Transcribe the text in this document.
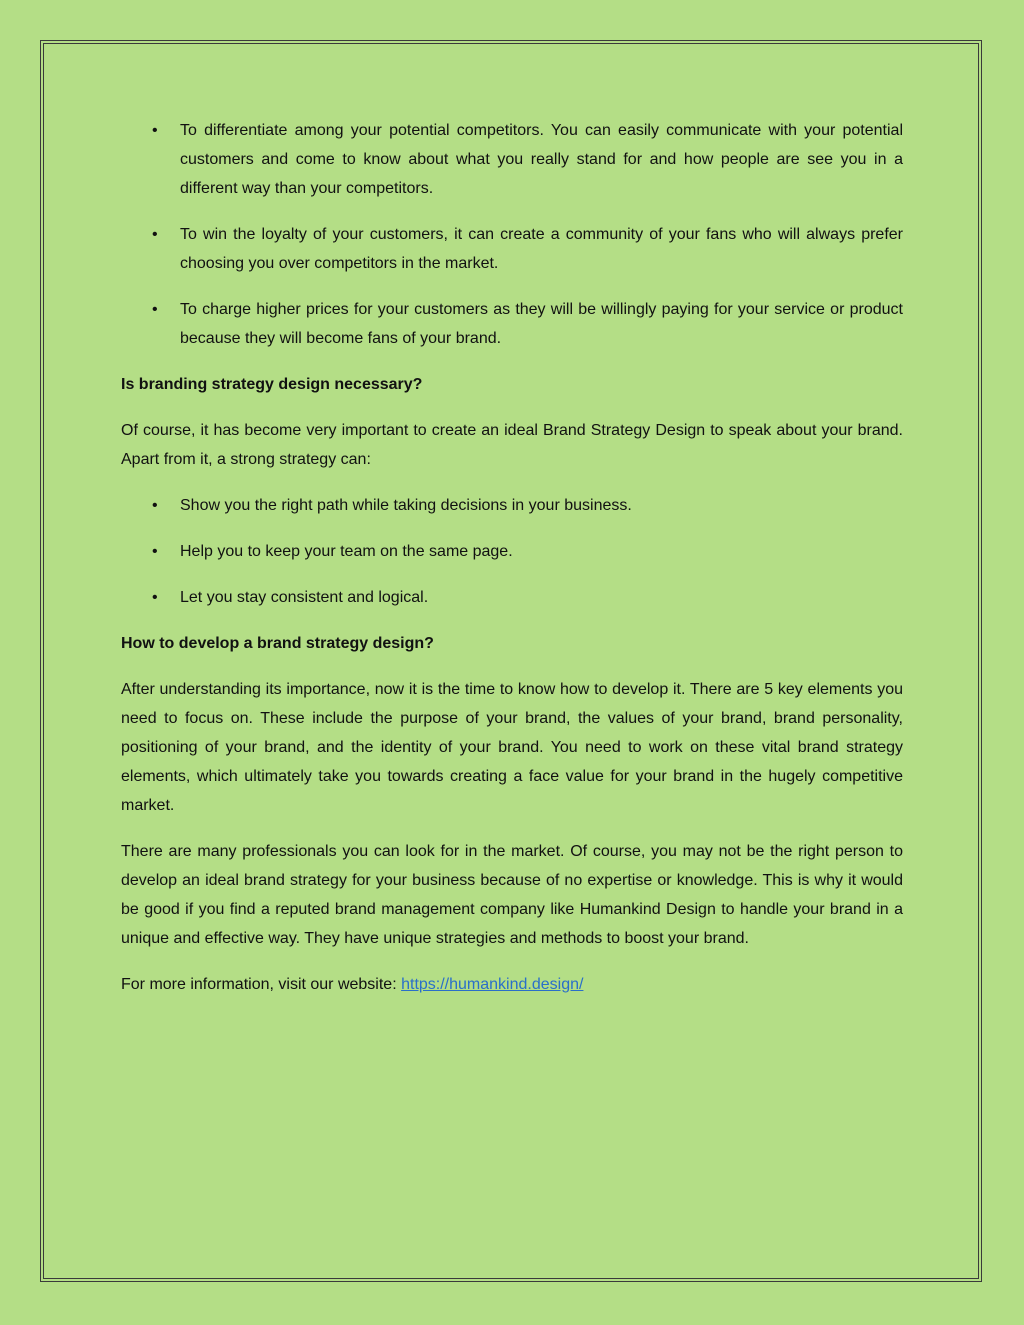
• To differentiate among your potential competitors. You can easily communicate with your potential customers and come to know about what you really stand for and how people are see you in a different way than your competitors.
• To win the loyalty of your customers, it can create a community of your fans who will always prefer choosing you over competitors in the market.
• To charge higher prices for your customers as they will be willingly paying for your service or product because they will become fans of your brand.
Is branding strategy design necessary?

Of course, it has become very important to create an ideal Brand Strategy Design to speak about your brand. Apart from it, a strong strategy can:

• Show you the right path while taking decisions in your business.
• Help you to keep your team on the same page.
• Let you stay consistent and logical.
How to develop a brand strategy design?

After understanding its importance, now it is the time to know how to develop it. There are 5 key elements you need to focus on. These include the purpose of your brand, the values of your brand, brand personality, positioning of your brand, and the identity of your brand. You need to work on these vital brand strategy elements, which ultimately take you towards creating a face value for your brand in the hugely competitive market.

There are many professionals you can look for in the market. Of course, you may not be the right person to develop an ideal brand strategy for your business because of no expertise or knowledge. This is why it would be good if you find a reputed brand management company like Humankind Design to handle your brand in a unique and effective way. They have unique strategies and methods to boost your brand.

For more information, visit our website: https://humankind.design/
